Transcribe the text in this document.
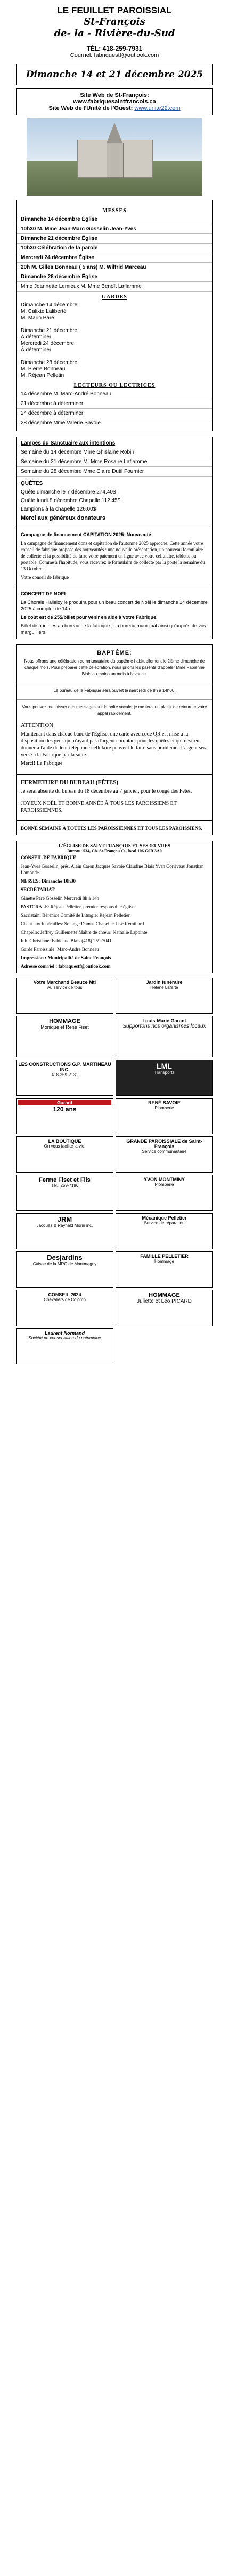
LE FEUILLET PAROISSIAL
St-François
de- la - Rivière-du-Sud
TÉL: 418-259-7931
Courriel: fabriquestf@outlook.com
Dimanche 14 et 21 décembre 2025
Site Web de St-François:
www.fabriquesaintfrancois.ca
Site Web de l'Unité de l'Ouest: www.unite22.com
MESSES
Dimanche 14 décembre Église
10h30 M. Mme Jean-Marc Gosselin Jean-Yves
Dimanche 21 décembre Église
10h30 Célébration de la parole
Mercredi 24 décembre Église
20h M. Gilles Bonneau ( 5 ans) M. Wilfrid Marceau
Dimanche 28 décembre Église
Mme Jeannette Lemieux M. Mme Benoît Laflamme
GARDES
Dimanche 14 décembre
M. Calixte Laliberté
M. Mario Paré

Dimanche 21 décembre
À déterminer
Mercredi 24 décembre
À déterminer

Dimanche 28 décembre
M. Pierre Bonneau
M. Réjean Pelletin
LECTEURS OU LECTRICES
14 décembre M. Marc-André Bonneau
21 décembre à déterminer
24 décembre à déterminer
28 décembre Mme Valérie Savoie
Lampes du Sanctuaire aux intentions
Semaine du 14 décembre Mme Ghislaine Robin
Semaine du 21 décembre M. Mme Rosaire Laflamme
Semaine du 28 décembre Mme Claire Dutil Fournier
QUÊTES
Quête dimanche le 7 décembre 274.40$
Quête lundi 8 décembre Chapelle 112.45$
Lampions à la chapelle 126.00$
Merci aux généreux donateurs
Campagne de financement CAPITATION 2025- Nouveauté
La campagne de financement dons et capitation de l'automne 2025 approche. Cette année votre conseil de fabrique propose des nouveautés : une nouvelle présentation, un nouveau formulaire de collecte et la possibilité de faire votre paiement en ligne avec votre cellulaire, tablette ou portable. Comme à l'habitude, vous recevrez le formulaire de collecte par la poste la semaine du 13 Octobre.
Votre conseil de fabrique
CONCERT DE NOËL
La Chorale Halleloy le produira pour un beau concert de Noël le dimanche 14 décembre 2025 à compter de 14h.
Le coût est de 25$/billet pour venir en aide à votre Fabrique.
Billet disponibles au bureau de la fabrique , au bureau municipal ainsi qu'auprès de vos marguilliers.
BAPTÊME:
Nous offrons une célébration communautaire du baptême habituellement le 2ième dimanche de chaque mois. Pour préparer cette célébration, nous prions les parents d'appeler Mme Fabienne Blais au moins un mois à l'avance.
Le bureau de la Fabrique sera ouvert le mercredi de 8h à 14h00.
Vous pouvez me laisser des messages sur la boîte vocale; je me ferai un plaisir de retourner votre appel rapidement.
ATTENTION
Maintenant dans chaque banc de l'Église, une carte avec code QR est mise à la disposition des gens qui n'ayant pas d'argent comptant pour les quêtes et qui désirent donner à l'aide de leur téléphone cellulaire peuvent le faire sans problème. L'argent sera versé à la Fabrique par la suite.
Merci! La Fabrique
FERMETURE DU BUREAU (FÊTES)
Je serai absente du bureau du 18 décembre au 7 janvier, pour le congé des Fêtes.
JOYEUX NOËL ET BONNE ANNÉE À TOUS LES PAROISSIENS ET PAROISSIENNES.
BONNE SEMAINE À TOUTES LES PAROISSIENNES ET TOUS LES PAROISSIENS.
L'ÉGLISE DE SAINT-FRANÇOIS ET SES ŒUVRES
Bureau: 534, Ch. St-François O., local 106 G0R 3A0
CONSEIL DE FABRIQUE
Jean-Yves Gosselin, prés. Alain Caron Jacques Savoie Claudine Blais Yvan Corriveau Jonathan Lamonde
NESSES: Dimanche 10h30
SECRÉTARIAT
Ginette Pare Gosselin Mercredi 8h à 14h
PASTORALE: Réjean Pelletier, premier responsable église
Sacristain: Bérenice Comité de Liturgie: Réjean Pelletier
Chant aux funérailles: Solange Dumas Chapelle: Lise Rémillard
Chapelle: Jeffrey Guillemette Maître de chœur: Nathalie Lapointe
Inh. Christiane: Fabienne Blais (418) 259-7041
Garde Paroissiale: Marc-André Bonneau
Impression : Municipalité de Saint-François
Adresse courriel : fabriquestf@outlook.com
Votre Marchand Beauce Mtl
Au service de tous
Jardin funéraire
Hélène Laferté
HOMMAGE
Monique et René Fiset
Louis-Marie Garant
Supportons nos organismes locaux
LES CONSTRUCTIONS G.P. MARTINEAU INC.
418-259-2131
LML
Transports
Garant
120 ans
RENÉ SAVOIE
Plomberie
LA BOUTIQUE
On vous facilite la vie!
GRANDE PAROISSIALE de Saint-François
Service communautaire
Ferme Fiset et Fils
Tél.: 259-7196
YVON MONTMINY
Plomberie
JRM
Jacques & Raynald Morin inc.
Mécanique Pelletier
Service de réparation
Desjardins
Caisse de la MRC de Montmagny
FAMILLE PELLETIER
Hommage
CONSEIL 2624
Chevaliers de Colomb
HOMMAGE
Juliette et Léo PICARD
Laurent Normand
Société de conservation du patrimoine
